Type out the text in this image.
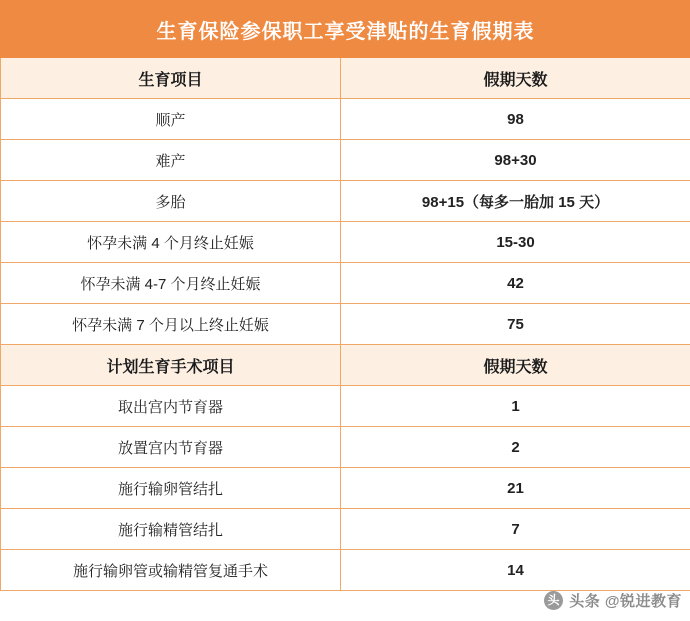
生育保险参保职工享受津贴的生育假期表	
生育项目	假期天数
顺产	98
难产	98+30
多胎	98+15（每多一胎加 15 天）
怀孕未满 4 个月终止妊娠	15-30
怀孕未满 4-7 个月终止妊娠	42
怀孕未满 7 个月以上终止妊娠	75
计划生育手术项目	假期天数
取出宫内节育器	1
放置宫内节育器	2
施行输卵管结扎	21
施行输精管结扎	7
施行输卵管或输精管复通手术	14
头 头条 @锐进教育
